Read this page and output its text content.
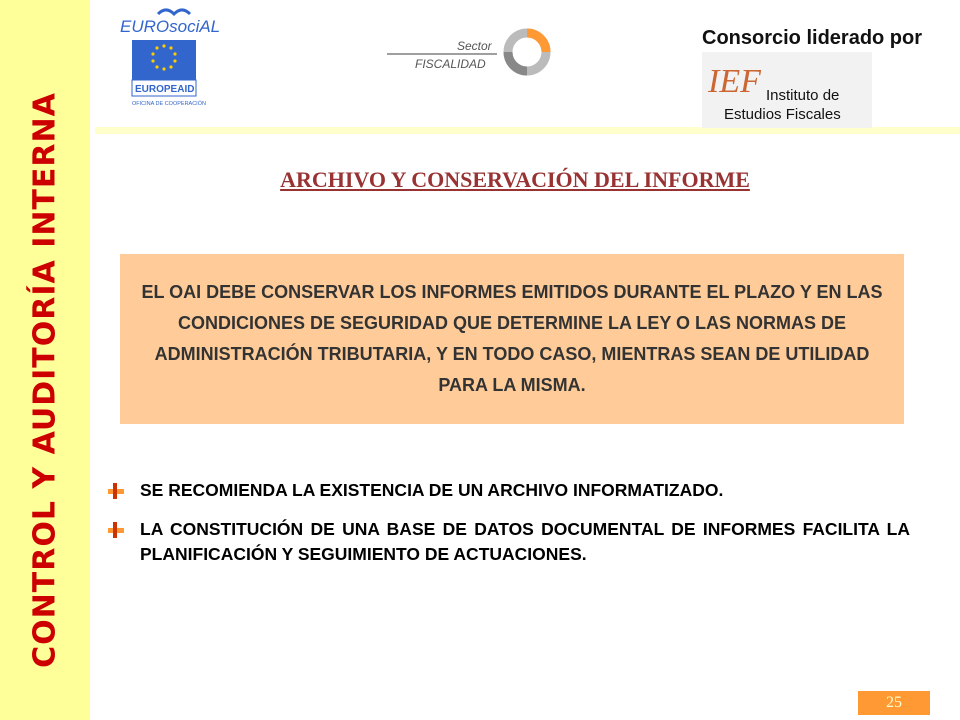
CONTROL Y AUDITORÍA INTERNA
EUROsociAL
EUROPEAID
OFICINA DE COOPERACIÓN
Sector
FISCALIDAD
Consorcio liderado por
IEF Instituto de
Estudios Fiscales
ARCHIVO Y CONSERVACIÓN DEL INFORME

EL OAI DEBE CONSERVAR LOS INFORMES EMITIDOS DURANTE EL PLAZO Y EN LAS CONDICIONES DE SEGURIDAD QUE DETERMINE LA LEY O LAS NORMAS DE ADMINISTRACIÓN TRIBUTARIA, Y EN TODO CASO, MIENTRAS SEAN DE UTILIDAD PARA LA MISMA.

SE RECOMIENDA LA EXISTENCIA DE UN ARCHIVO INFORMATIZADO.
LA CONSTITUCIÓN DE UNA BASE DE DATOS DOCUMENTAL DE INFORMES FACILITA LA PLANIFICACIÓN Y SEGUIMIENTO DE ACTUACIONES.
25
